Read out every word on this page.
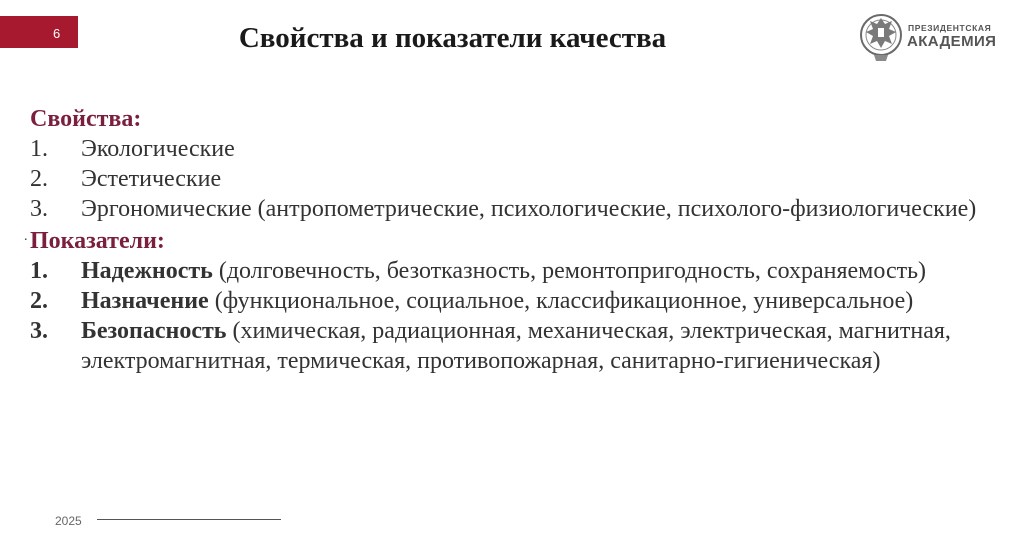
6	Свойства и показатели качества	ПРЕЗИДЕНТСКАЯ
АКАДЕМИЯ
.
Свойства:
1.	Экологические
2.	Эстетические
3.	Эргономические (антропометрические, психологические, психолого-физиологические)
Показатели:
1.	Надежность (долговечность, безотказность, ремонтопригодность, сохраняемость)
2.	Назначение (функциональное, социальное, классификационное, универсальное)
3.	Безопасность (химическая, радиационная, механическая, электрическая, магнитная, электромагнитная, термическая, противопожарная, санитарно-гигиеническая)
2025
